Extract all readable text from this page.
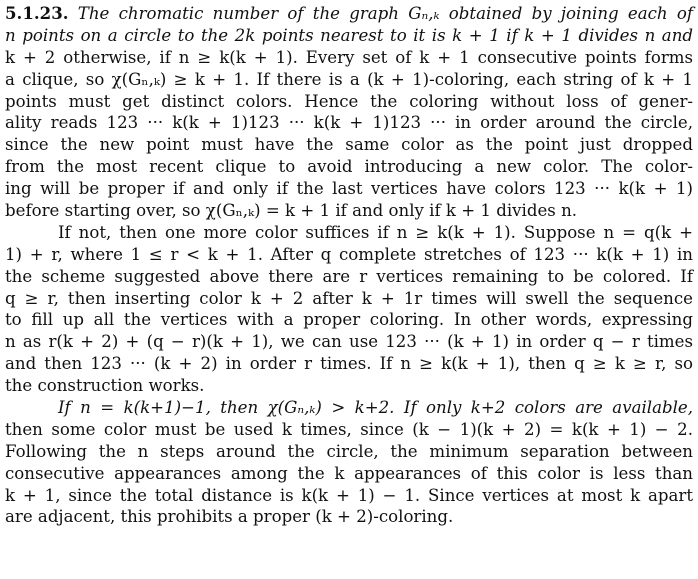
5.1.23. The chromatic number of the graph Gₙ,ₖ obtained by joining each of
n points on a circle to the 2k points nearest to it is k + 1 if k + 1 divides n and
k + 2 otherwise, if n ≥ k(k + 1). Every set of k + 1 consecutive points forms
a clique, so χ(Gₙ,ₖ) ≥ k + 1. If there is a (k + 1)-coloring, each string of k + 1
points must get distinct colors. Hence the coloring without loss of gener-
ality reads 123 ··· k(k + 1)123 ··· k(k + 1)123 ··· in order around the circle,
since the new point must have the same color as the point just dropped
from the most recent clique to avoid introducing a new color. The color-
ing will be proper if and only if the last vertices have colors 123 ··· k(k + 1)
before starting over, so χ(Gₙ,ₖ) = k + 1 if and only if k + 1 divides n.
If not, then one more color suffices if n ≥ k(k + 1). Suppose n = q(k +
1) + r, where 1 ≤ r < k + 1. After q complete stretches of 123 ··· k(k + 1) in
the scheme suggested above there are r vertices remaining to be colored. If
q ≥ r, then inserting color k + 2 after k + 1r times will swell the sequence
to fill up all the vertices with a proper coloring. In other words, expressing
n as r(k + 2) + (q − r)(k + 1), we can use 123 ··· (k + 1) in order q − r times
and then 123 ··· (k + 2) in order r times. If n ≥ k(k + 1), then q ≥ k ≥ r, so
the construction works.
If n = k(k+1)−1, then χ(Gₙ,ₖ) > k+2. If only k+2 colors are available,
then some color must be used k times, since (k − 1)(k + 2) = k(k + 1) − 2.
Following the n steps around the circle, the minimum separation between
consecutive appearances among the k appearances of this color is less than
k + 1, since the total distance is k(k + 1) − 1. Since vertices at most k apart
are adjacent, this prohibits a proper (k + 2)-coloring.
